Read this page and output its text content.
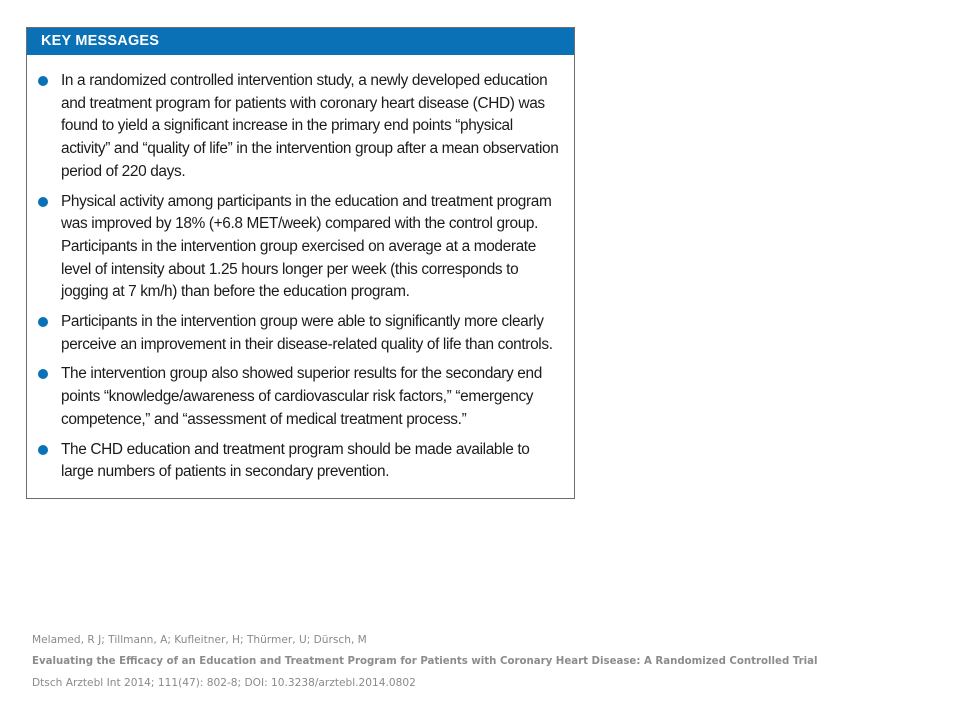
KEY MESSAGES
In a randomized controlled intervention study, a newly developed education and treatment program for patients with coronary heart disease (CHD) was found to yield a significant increase in the primary end points “physical activity” and “quality of life” in the intervention group after a mean observation period of 220 days.
Physical activity among participants in the education and treatment program was improved by 18% (+6.8 MET/week) compared with the control group. Participants in the intervention group exercised on average at a moderate level of intensity about 1.25 hours longer per week (this corresponds to jogging at 7 km/h) than before the education program.
Participants in the intervention group were able to significantly more clearly perceive an improvement in their disease-related quality of life than controls.
The intervention group also showed superior results for the secondary end points “knowledge/awareness of cardiovascular risk factors,” “emergency competence,” and “assessment of medical treatment process.”
The CHD education and treatment program should be made available to large numbers of patients in secondary prevention.
Melamed, R J; Tillmann, A; Kufleitner, H; Thürmer, U; Dürsch, M
Evaluating the Efficacy of an Education and Treatment Program for Patients with Coronary Heart Disease: A Randomized Controlled Trial
Dtsch Arztebl Int 2014; 111(47): 802-8; DOI: 10.3238/arztebl.2014.0802
